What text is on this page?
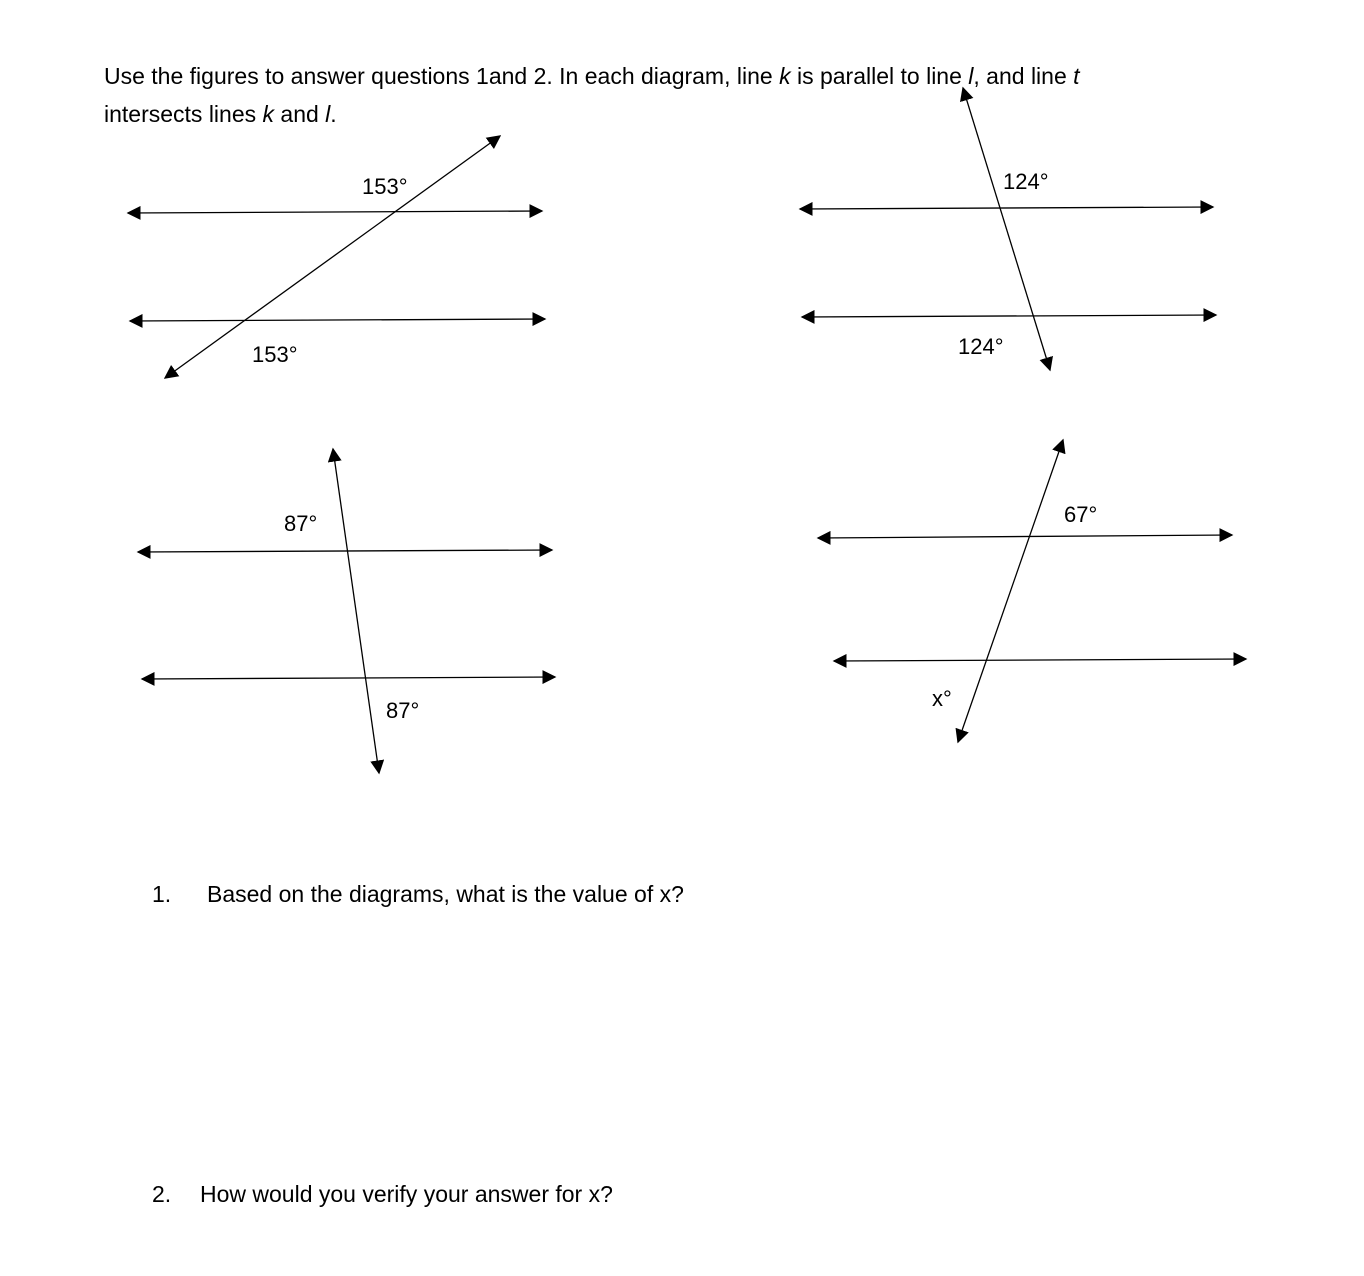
Use the figures to answer questions 1and 2. In each diagram, line k is parallel to line l, and line t
intersects lines k and l.
153°
153°
124°
124°
87°
87°
67°
x°
1. Based on the diagrams, what is the value of x?
2. How would you verify your answer for x?
